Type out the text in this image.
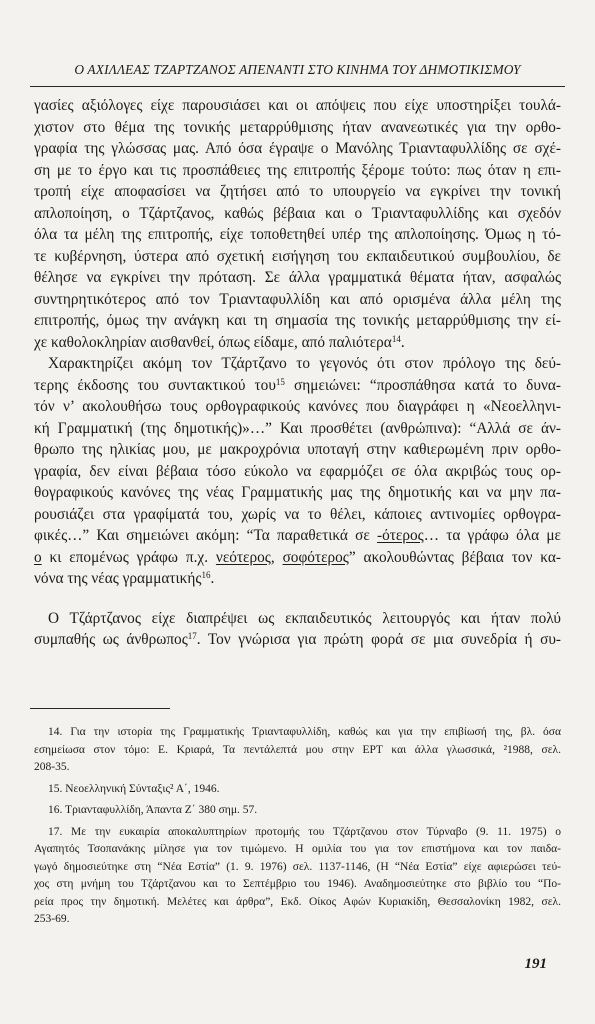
Ο ΑΧΙΛΛΕΑΣ ΤΖΑΡΤΖΑΝΟΣ ΑΠΕΝΑΝΤΙ ΣΤΟ ΚΙΝΗΜΑ ΤΟΥ ΔΗΜΟΤΙΚΙΣΜΟΥ
γασίες αξιόλογες είχε παρουσιάσει και οι απόψεις που είχε υποστηρίξει τουλά-
χιστον στο θέμα της τονικής μεταρρύθμισης ήταν ανανεωτικές για την ορθο-
γραφία της γλώσσας μας. Από όσα έγραψε ο Μανόλης Τριανταφυλλίδης σε σχέ-
ση με το έργο και τις προσπάθειες της επιτροπής ξέρομε τούτο: πως όταν η επι-
τροπή είχε αποφασίσει να ζητήσει από το υπουργείο να εγκρίνει την τονική
απλοποίηση, ο Τζάρτζανος, καθώς βέβαια και ο Τριανταφυλλίδης και σχεδόν
όλα τα μέλη της επιτροπής, είχε τοποθετηθεί υπέρ της απλοποίησης. Όμως η τό-
τε κυβέρνηση, ύστερα από σχετική εισήγηση του εκπαιδευτικού συμβουλίου, δε
θέλησε να εγκρίνει την πρόταση. Σε άλλα γραμματικά θέματα ήταν, ασφαλώς
συντηρητικότερος από τον Τριανταφυλλίδη και από ορισμένα άλλα μέλη της
επιτροπής, όμως την ανάγκη και τη σημασία της τονικής μεταρρύθμισης την εί-
χε καθολοκληρίαν αισθανθεί, όπως είδαμε, από παλιότερα$^{14}$.
Χαρακτηρίζει ακόμη τον Τζάρτζανο το γεγονός ότι στον πρόλογο της δεύ-
τερης έκδοσης του συντακτικού του$^{15}$ σημειώνει: “προσπάθησα κατά το δυνα-
τόν ν’ ακολουθήσω τους ορθογραφικούς κανόνες που διαγράφει η «Νεοελληνι-
κή Γραμματική (της δημοτικής)»…” Και προσθέτει (ανθρώπινα): “Αλλά σε άν-
θρωπο της ηλικίας μου, με μακροχρόνια υποταγή στην καθιερωμένη πριν ορθο-
γραφία, δεν είναι βέβαια τόσο εύκολο να εφαρμόζει σε όλα ακριβώς τους ορ-
θογραφικούς κανόνες της νέας Γραμματικής μας της δημοτικής και να μην πα-
ρουσιάζει στα γραφίματά του, χωρίς να το θέλει, κάποιες αντινομίες ορθογρα-
φικές…” Και σημειώνει ακόμη: “Τα παραθετικά σε -ότερος… τα γράφω όλα με
ο κι επομένως γράφω π.χ. νεότερος, σοφότερος” ακολουθώντας βέβαια τον κα-
νόνα της νέας γραμματικής$^{16}$.
Ο Τζάρτζανος είχε διαπρέψει ως εκπαιδευτικός λειτουργός και ήταν πολύ
συμπαθής ως άνθρωπος$^{17}$. Τον γνώρισα για πρώτη φορά σε μια συνεδρία ή συ-
14. Για την ιστορία της Γραμματικής Τριανταφυλλίδη, καθώς και για την επιβίωσή της, βλ. όσα
εσημείωσα στον τόμο: Ε. Κριαρά, Τα πεντάλεπτά μου στην ΕΡΤ και άλλα γλωσσικά, ²1988, σελ.
208-35.
15. Νεοελληνική Σύνταξις² Α΄, 1946.
16. Τριανταφυλλίδη, Άπαντα Ζ΄ 380 σημ. 57.
17. Με την ευκαιρία αποκαλυπτηρίων προτομής του Τζάρτζανου στον Τύρναβο (9. 11. 1975) ο
Αγαπητός Τσοπανάκης μίλησε για τον τιμώμενο. Η ομιλία του για τον επιστήμονα και τον παιδα-
γωγό δημοσιεύτηκε στη “Νέα Εστία” (1. 9. 1976) σελ. 1137-1146, (Η “Νέα Εστία” είχε αφιερώσει τεύ-
χος στη μνήμη του Τζάρτζανου και το Σεπτέμβριο του 1946). Αναδημοσιεύτηκε στο βιβλίο του “Πο-
ρεία προς την δημοτική. Μελέτες και άρθρα”, Εκδ. Οίκος Αφών Κυριακίδη, Θεσσαλονίκη 1982, σελ.
253-69.
191
